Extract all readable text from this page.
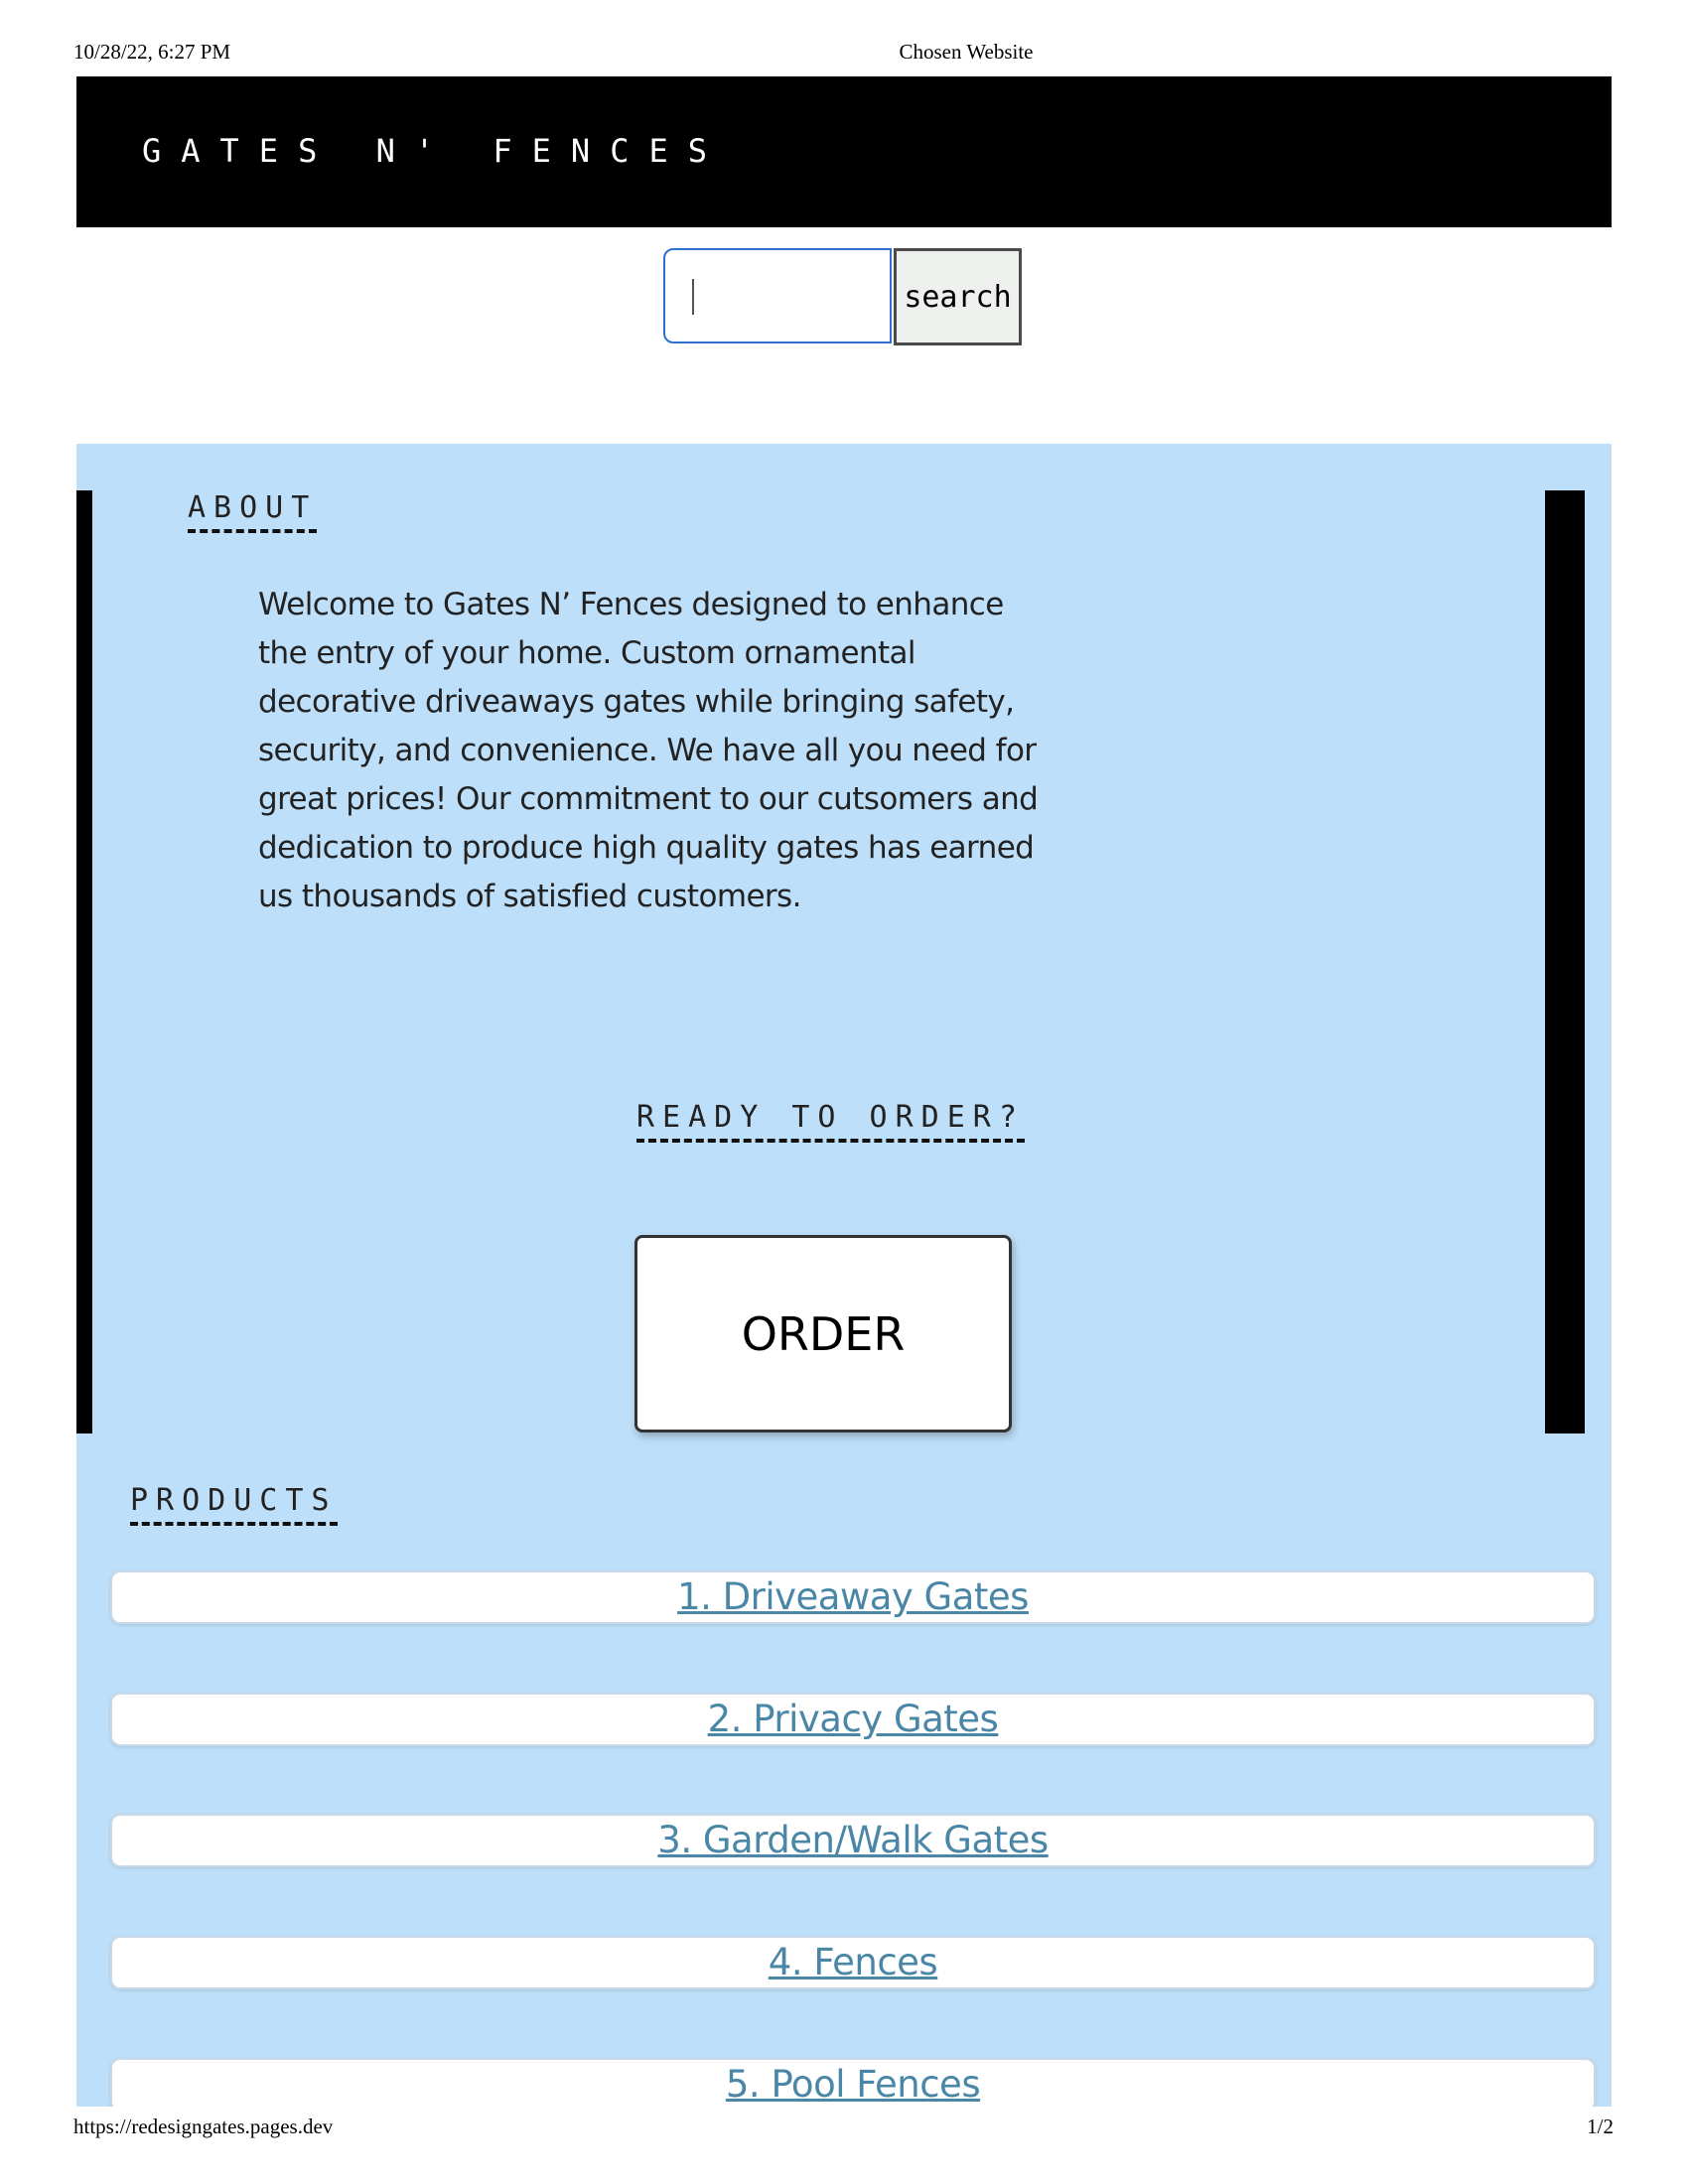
10/28/22, 6:27 PM	Chosen Website
GATES N' FENCES
search
ABOUT

Welcome to Gates N’ Fences designed to enhance the entry of your home. Custom ornamental decorative driveaways gates while bringing safety, security, and convenience. We have all you need for great prices! Our commitment to our cutsomers and dedication to produce high quality gates has earned us thousands of satisfied customers.

READY TO ORDER?
ORDER
PRODUCTS
1. Driveaway Gates
2. Privacy Gates
3. Garden/Walk Gates
4. Fences
5. Pool Fences
https://redesigngates.pages.dev	1/2
